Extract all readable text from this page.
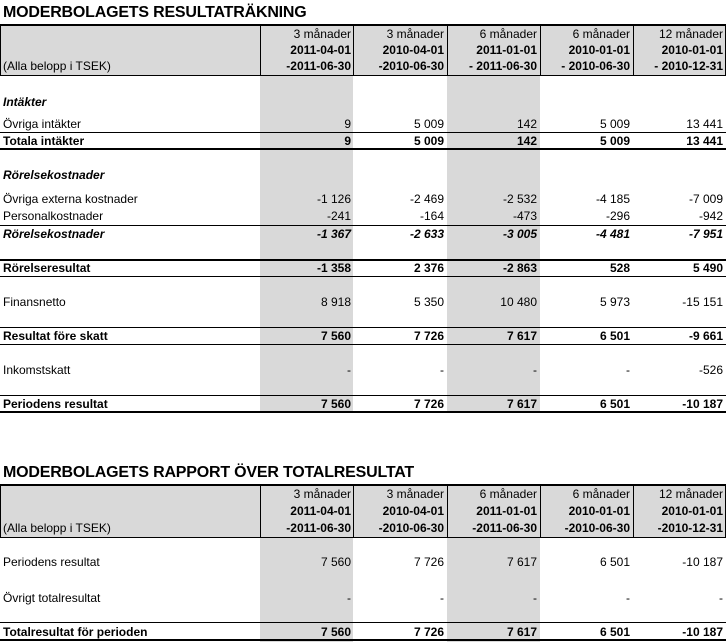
MODERBOLAGETS RESULTATRÄKNING
3 månader	3 månader	6 månader	6 månader	12 månader
2011-04-01	2010-04-01	2011-01-01	2010-01-01	2010-01-01
(Alla belopp i TSEK)	-2011-06-30	-2010-06-30	- 2011-06-30	- 2010-06-30	- 2010-12-31
Intäkter
Övriga intäkter	9	5 009	142	5 009	13 441
Totala intäkter	9	5 009	142	5 009	13 441
Rörelsekostnader
Övriga externa kostnader	-1 126	-2 469	-2 532	-4 185	-7 009
Personalkostnader	-241	-164	-473	-296	-942
Rörelsekostnader	-1 367	-2 633	-3 005	-4 481	-7 951
Rörelseresultat	-1 358	2 376	-2 863	528	5 490
Finansnetto	8 918	5 350	10 480	5 973	-15 151
Resultat före skatt	7 560	7 726	7 617	6 501	-9 661
Inkomstskatt	-	-	-	-	-526
Periodens resultat	7 560	7 726	7 617	6 501	-10 187
MODERBOLAGETS RAPPORT ÖVER TOTALRESULTAT
3 månader	3 månader	6 månader	6 månader	12 månader
2011-04-01	2010-04-01	2011-01-01	2010-01-01	2010-01-01
(Alla belopp i TSEK)	-2011-06-30	-2010-06-30	-2011-06-30	-2010-06-30	-2010-12-31
Periodens resultat	7 560	7 726	7 617	6 501	-10 187
Övrigt totalresultat	-	-	-	-	-
Totalresultat för perioden	7 560	7 726	7 617	6 501	-10 187
